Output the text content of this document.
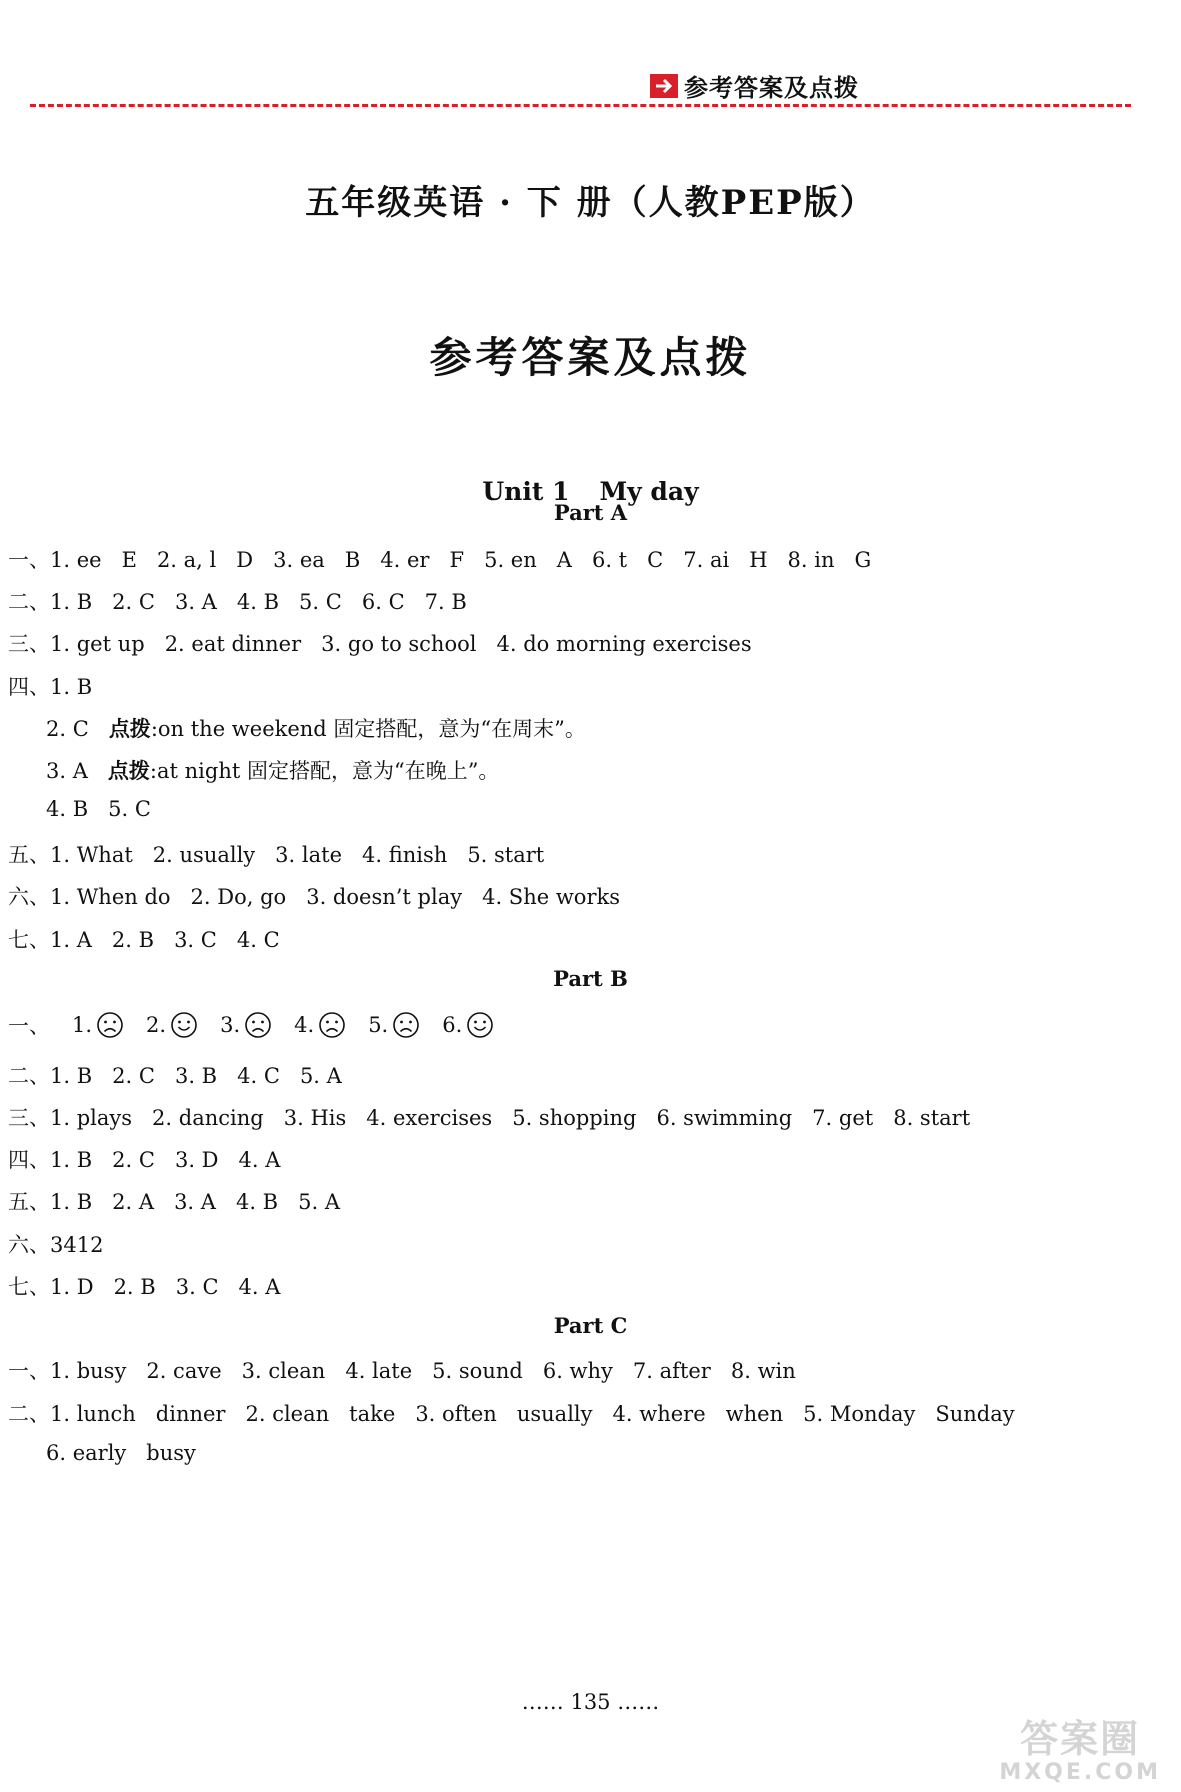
参考答案及点拨
五年级英语 · 下 册（人教PEP版）
参考答案及点拨
Unit 1 My day
Part A
一、1. ee   E   2. a, l   D   3. ea   B   4. er   F   5. en   A   6. t   C   7. ai   H   8. in   G
二、1. B   2. C   3. A   4. B   5. C   6. C   7. B
三、1. get up   2. eat dinner   3. go to school   4. do morning exercises
四、1. B
2. C 点拨:on the weekend 固定搭配，意为“在周末”。
3. A 点拨:at night 固定搭配，意为“在晚上”。
4. B   5. C
五、1. What   2. usually   3. late   4. finish   5. start
六、1. When do   2. Do, go   3. doesn’t play   4. She works
七、1. A   2. B   3. C   4. C
Part B
一、 1.	2.	3.	4.	5.	6.
二、1. B   2. C   3. B   4. C   5. A
三、1. plays   2. dancing   3. His   4. exercises   5. shopping   6. swimming   7. get   8. start
四、1. B   2. C   3. D   4. A
五、1. B   2. A   3. A   4. B   5. A
六、3412
七、1. D   2. B   3. C   4. A
Part C
一、1. busy   2. cave   3. clean   4. late   5. sound   6. why   7. after   8. win
二、1. lunch   dinner   2. clean   take   3. often   usually   4. where   when   5. Monday   Sunday
6. early   busy
…… 135 ……
答案圈
MXQE.COM
